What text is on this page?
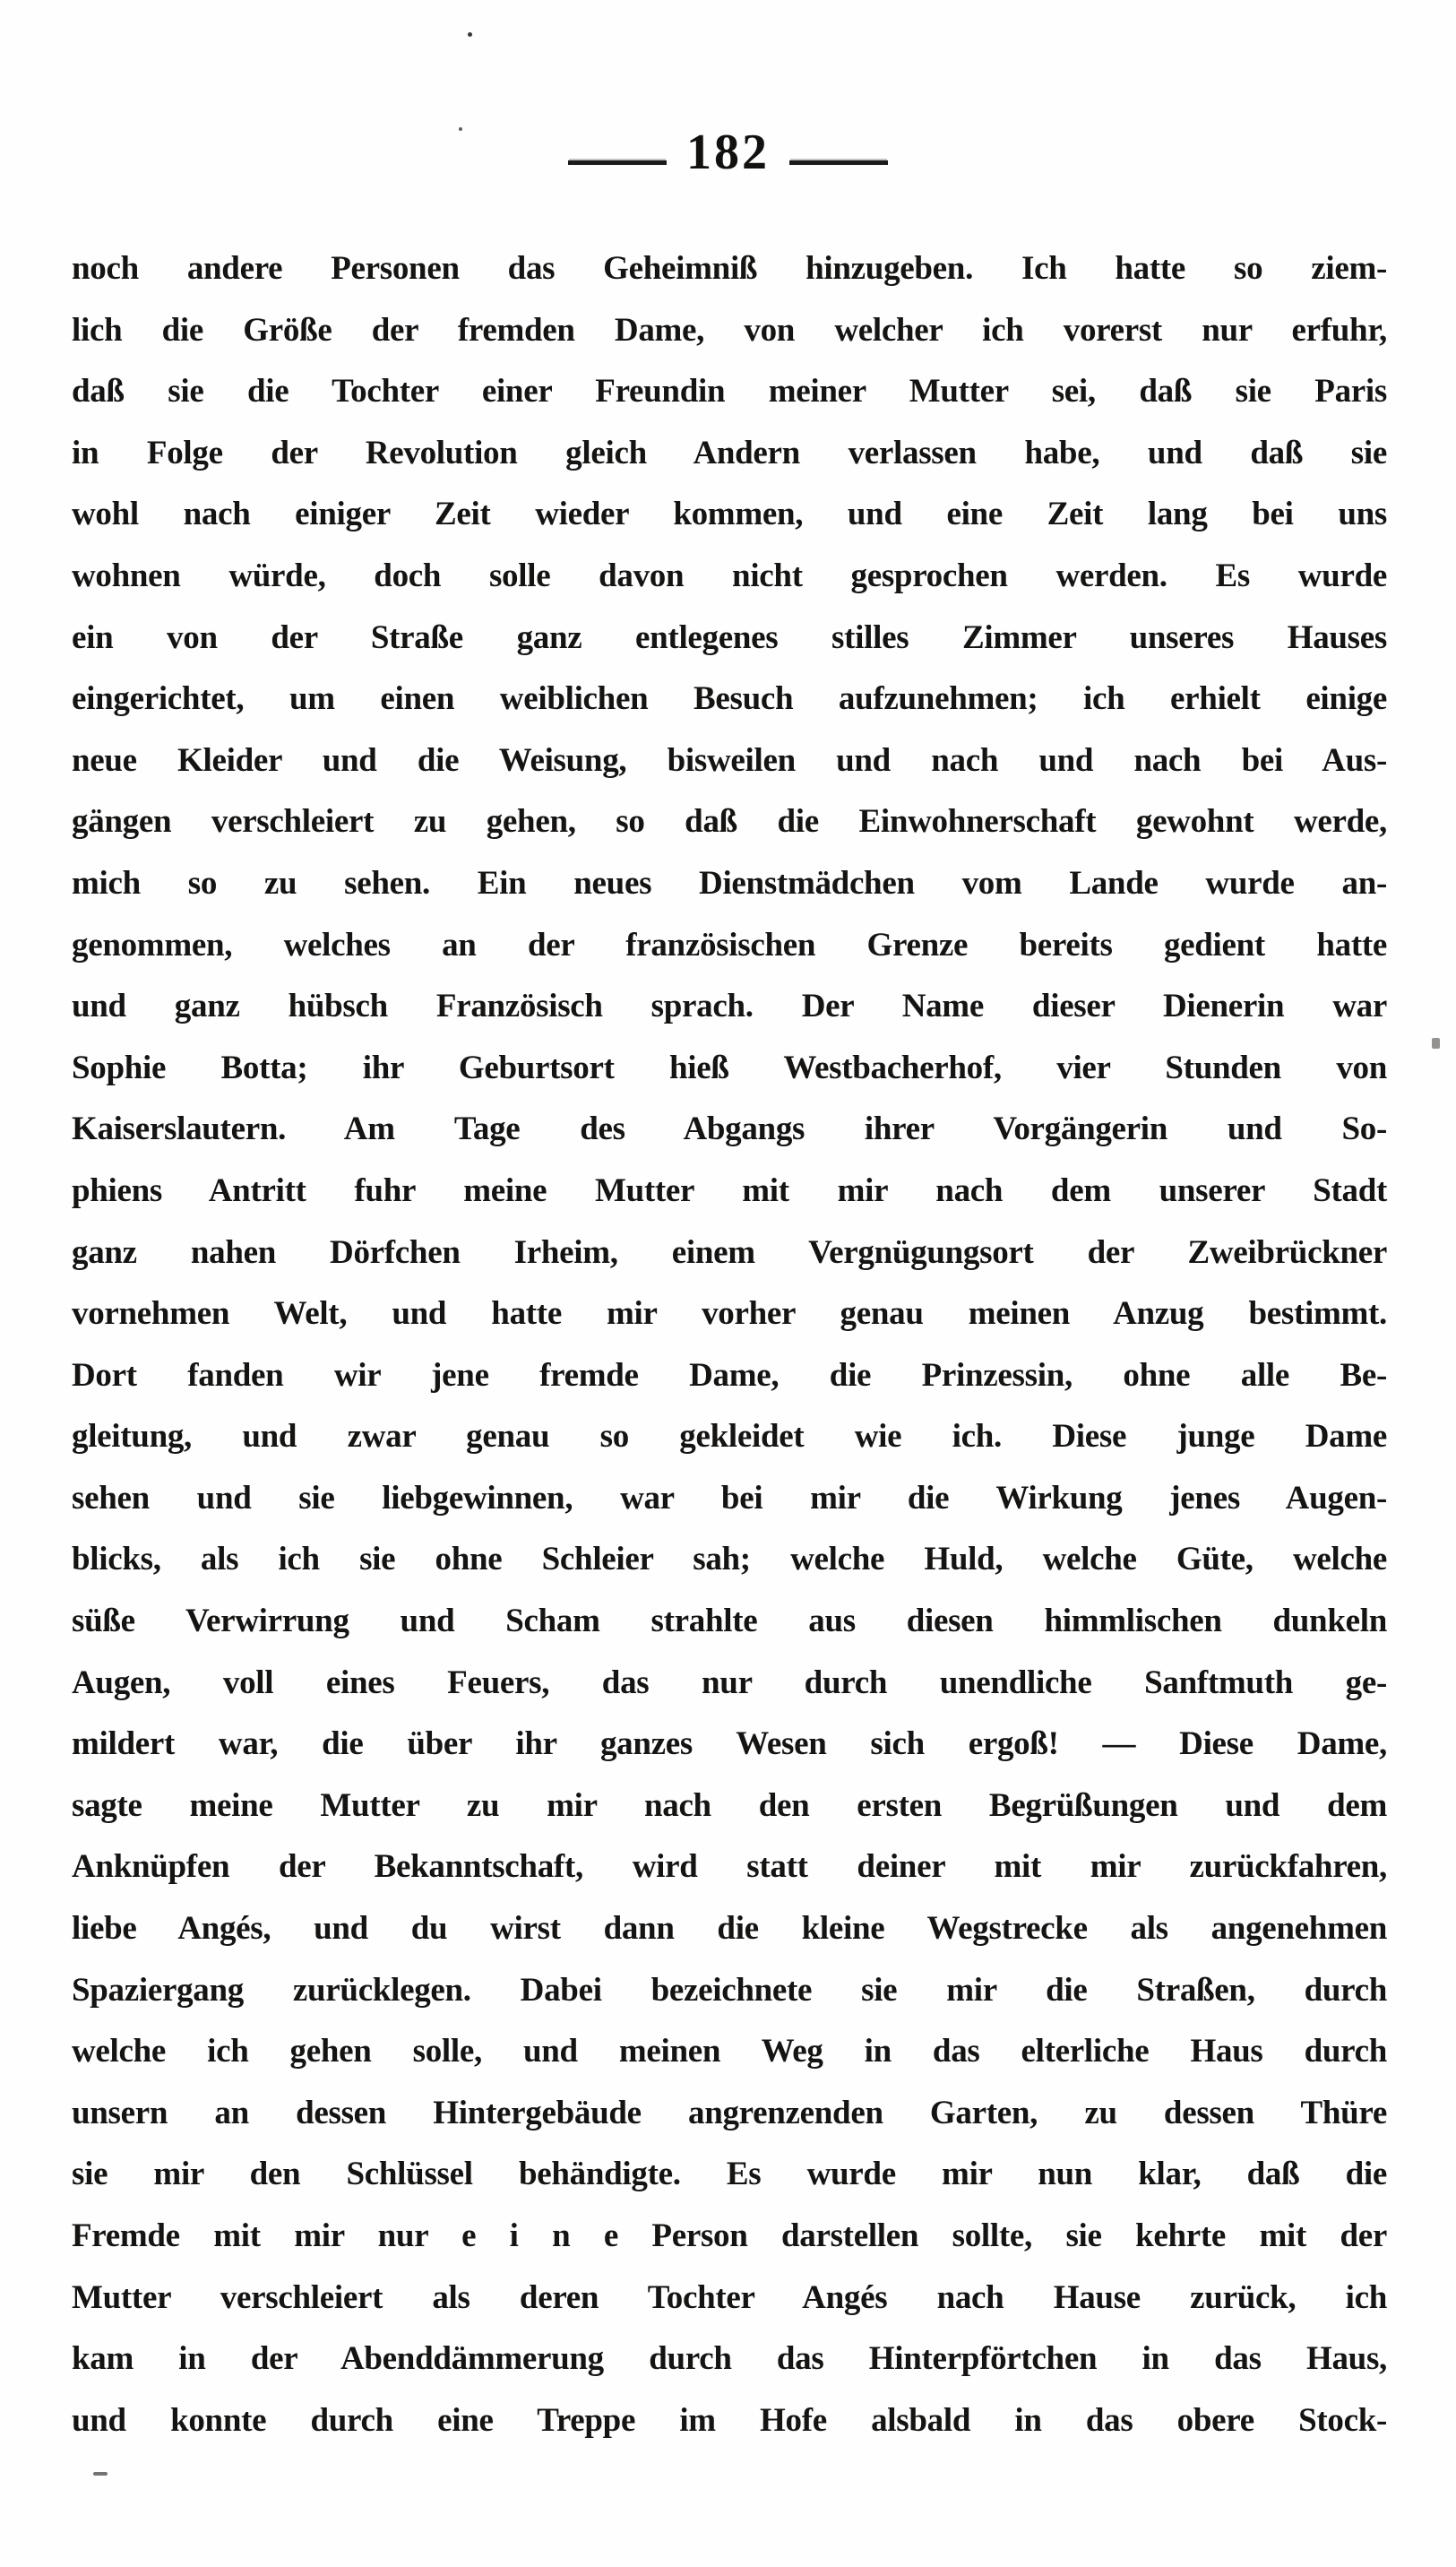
182
noch andere Personen das Geheimniß hinzugeben. Ich hatte so ziem-
lich die Größe der fremden Dame, von welcher ich vorerst nur erfuhr,
daß sie die Tochter einer Freundin meiner Mutter sei, daß sie Paris
in Folge der Revolution gleich Andern verlassen habe, und daß sie
wohl nach einiger Zeit wieder kommen, und eine Zeit lang bei uns
wohnen würde, doch solle davon nicht gesprochen werden. Es wurde
ein von der Straße ganz entlegenes stilles Zimmer unseres Hauses
eingerichtet, um einen weiblichen Besuch aufzunehmen; ich erhielt einige
neue Kleider und die Weisung, bisweilen und nach und nach bei Aus-
gängen verschleiert zu gehen, so daß die Einwohnerschaft gewohnt werde,
mich so zu sehen. Ein neues Dienstmädchen vom Lande wurde an-
genommen, welches an der französischen Grenze bereits gedient hatte
und ganz hübsch Französisch sprach. Der Name dieser Dienerin war
Sophie Botta; ihr Geburtsort hieß Westbacherhof, vier Stunden von
Kaiserslautern. Am Tage des Abgangs ihrer Vorgängerin und So-
phiens Antritt fuhr meine Mutter mit mir nach dem unserer Stadt
ganz nahen Dörfchen Irheim, einem Vergnügungsort der Zweibrückner
vornehmen Welt, und hatte mir vorher genau meinen Anzug bestimmt.
Dort fanden wir jene fremde Dame, die Prinzessin, ohne alle Be-
gleitung, und zwar genau so gekleidet wie ich. Diese junge Dame
sehen und sie liebgewinnen, war bei mir die Wirkung jenes Augen-
blicks, als ich sie ohne Schleier sah; welche Huld, welche Güte, welche
süße Verwirrung und Scham strahlte aus diesen himmlischen dunkeln
Augen, voll eines Feuers, das nur durch unendliche Sanftmuth ge-
mildert war, die über ihr ganzes Wesen sich ergoß! — Diese Dame,
sagte meine Mutter zu mir nach den ersten Begrüßungen und dem
Anknüpfen der Bekanntschaft, wird statt deiner mit mir zurückfahren,
liebe Angés, und du wirst dann die kleine Wegstrecke als angenehmen
Spaziergang zurücklegen. Dabei bezeichnete sie mir die Straßen, durch
welche ich gehen solle, und meinen Weg in das elterliche Haus durch
unsern an dessen Hintergebäude angrenzenden Garten, zu dessen Thüre
sie mir den Schlüssel behändigte. Es wurde mir nun klar, daß die
Fremde mit mir nur e i n e Person darstellen sollte, sie kehrte mit der
Mutter verschleiert als deren Tochter Angés nach Hause zurück, ich
kam in der Abenddämmerung durch das Hinterpförtchen in das Haus,
und konnte durch eine Treppe im Hofe alsbald in das obere Stock-
